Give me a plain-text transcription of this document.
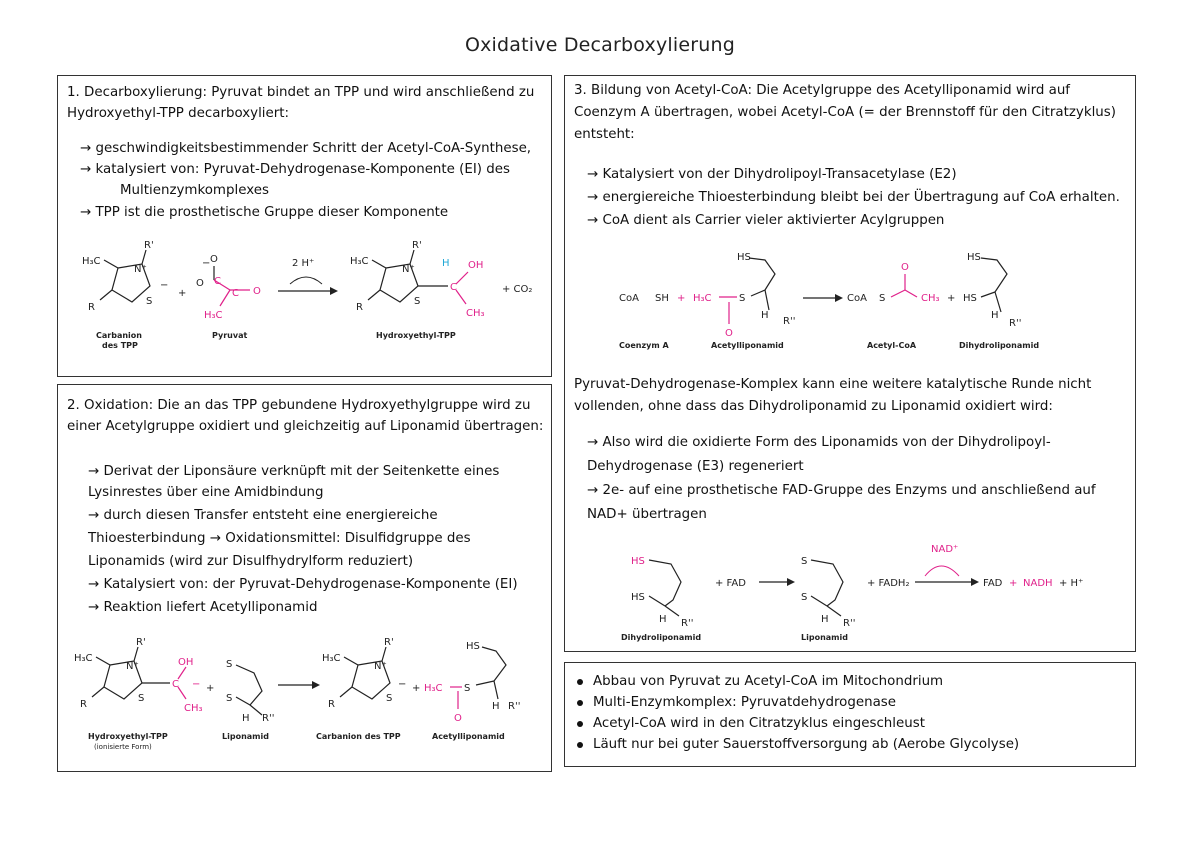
Oxidative Decarboxylierung
1. Decarboxylierung: Pyruvat bindet an TPP und wird anschließend zu
Hydroxyethyl-TPP decarboxyliert:
→ geschwindigkeitsbestimmender Schritt der Acetyl-CoA-Synthese,
→ katalysiert von: Pyruvat-Dehydrogenase-Komponente (EI) des
Multienzymkomplexes
→ TPP ist die prosthetische Gruppe dieser Komponente
H₃C
N⁺
R'
S
R
−
+
− O
O C
C O
H₃C
2 H⁺	H₃C
N⁺
R'
S
R
H OH
C
CH₃
+ CO₂
Carbanion
des TPP
Pyruvat	Hydroxyethyl-TPP
2. Oxidation: Die an das TPP gebundene Hydroxyethylgruppe wird zu
einer Acetylgruppe oxidiert und gleichzeitig auf Liponamid übertragen:
→ Derivat der Liponsäure verknüpft mit der Seitenkette eines
Lysinrestes über eine Amidbindung
→ durch diesen Transfer entsteht eine energiereiche
Thioesterbindung → Oxidationsmittel: Disulfidgruppe des
Liponamids (wird zur Disulfhydrylform reduziert)
→ Katalysiert von: der Pyruvat-Dehydrogenase-Komponente (EI)
→ Reaktion liefert Acetylliponamid
H₃C
N⁺
R'
S
R
OH
C −
CH₃
+
S
S
H R''
H₃C
N⁺
R'
S
R
− +
HS
H₃C S
O
H R''
Hydroxyethyl-TPP
(ionisierte Form)
Liponamid	Carbanion des TPP	Acetylliponamid
3. Bildung von Acetyl-CoA: Die Acetylgruppe des Acetylliponamid wird auf
Coenzym A übertragen, wobei Acetyl-CoA (= der Brennstoff für den Citratzyklus)
entsteht:
→ Katalysiert von der Dihydrolipoyl-Transacetylase (E2)
→ energiereiche Thioesterbindung bleibt bei der Übertragung auf CoA erhalten.
→ CoA dient als Carrier vieler aktivierter Acylgruppen
CoA SH + H₃C
HS
S
O
H
R''
CoA S
O
CH₃ + HS
HS
H
R''
Coenzym A	Acetylliponamid	Acetyl-CoA	Dihydroliponamid
Pyruvat-Dehydrogenase-Komplex kann eine weitere katalytische Runde nicht
vollenden, ohne dass das Dihydroliponamid zu Liponamid oxidiert wird:
→ Also wird die oxidierte Form des Liponamids von der Dihydrolipoyl-
Dehydrogenase (E3) regeneriert
→ 2e- auf eine prosthetische FAD-Gruppe des Enzyms und anschließend auf
NAD+ übertragen
HS
HS
H R''
+ FAD
S
S
H R''
+ FADH₂
NAD⁺
FAD + NADH + H⁺
Dihydroliponamid	Liponamid
Abbau von Pyruvat zu Acetyl-CoA im Mitochondrium
Multi-Enzymkomplex: Pyruvatdehydrogenase
Acetyl-CoA wird in den Citratzyklus eingeschleust
Läuft nur bei guter Sauerstoffversorgung ab (Aerobe Glycolyse)
